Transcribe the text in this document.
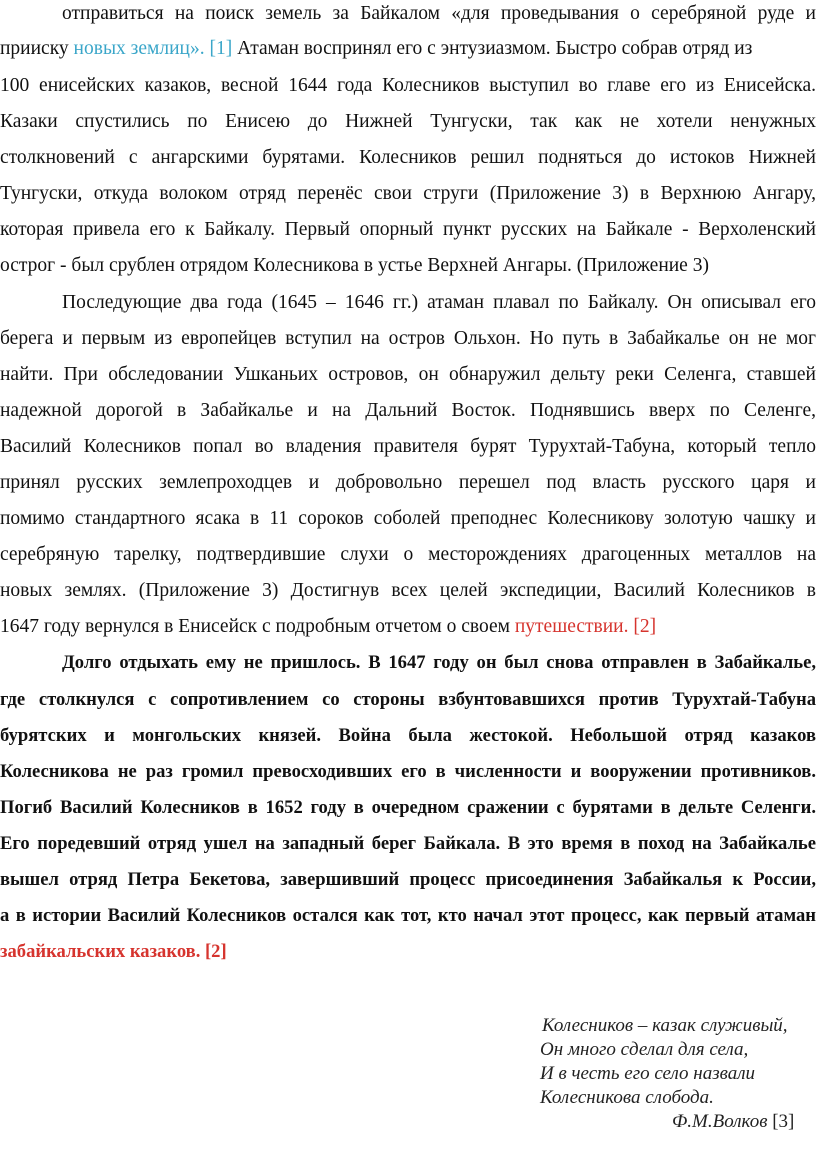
отправиться на поиск земель за Байкалом «для проведывания о серебряной руде и
прииску новых землиц». [1] Атаман воспринял его с энтузиазмом. Быстро собрав отряд из
100 енисейских казаков, весной 1644 года Колесников выступил во главе его из Енисейска.
Казаки спустились по Енисею до Нижней Тунгуски, так как не хотели ненужных
столкновений с ангарскими бурятами. Колесников решил подняться до истоков Нижней
Тунгуски, откуда волоком отряд перенёс свои струги (Приложение 3) в Верхнюю Ангару,
которая привела его к Байкалу. Первый опорный пункт русских на Байкале - Верхоленский
острог - был срублен отрядом Колесникова в устье Верхней Ангары. (Приложение 3)
Последующие два года (1645 – 1646 гг.) атаман плавал по Байкалу. Он описывал его
берега и первым из европейцев вступил на остров Ольхон. Но путь в Забайкалье он не мог
найти. При обследовании Ушканьих островов, он обнаружил дельту реки Селенга, ставшей
надежной дорогой в Забайкалье и на Дальний Восток. Поднявшись вверх по Селенге,
Василий Колесников попал во владения правителя бурят Турухтай-Табуна, который тепло
принял русских землепроходцев и добровольно перешел под власть русского царя и
помимо стандартного ясака в 11 сороков соболей преподнес Колесникову золотую чашку и
серебряную тарелку, подтвердившие слухи о месторождениях драгоценных металлов на
новых землях. (Приложение 3) Достигнув всех целей экспедиции, Василий Колесников в
1647 году вернулся в Енисейск с подробным отчетом о своем путешествии. [2]
Долго отдыхать ему не пришлось. В 1647 году он был снова отправлен в Забайкалье,
где столкнулся с сопротивлением со стороны взбунтовавшихся против Турухтай-Табуна
бурятских и монгольских князей. Война была жестокой. Небольшой отряд казаков
Колесникова не раз громил превосходивших его в численности и вооружении противников.
Погиб Василий Колесников в 1652 году в очередном сражении с бурятами в дельте Селенги.
Его поредевший отряд ушел на западный берег Байкала. В это время в поход на Забайкалье
вышел отряд Петра Бекетова, завершивший процесс присоединения Забайкалья к России,
а в истории Василий Колесников остался как тот, кто начал этот процесс, как первый атаман
забайкальских казаков. [2]
Колесников – казак служивый,
Он много сделал для села,
И в честь его село назвали
Колесникова слобода.
Ф.М.Волков [3]
